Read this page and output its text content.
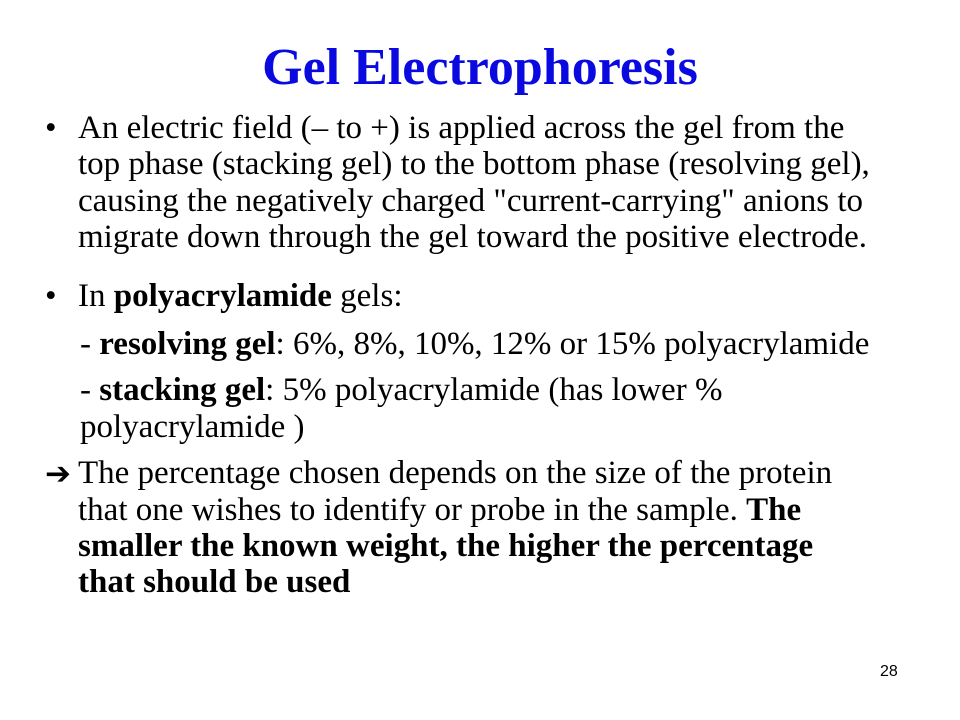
Gel Electrophoresis
• An electric field (– to +) is applied across the gel from the top phase (stacking gel) to the bottom phase (resolving gel), causing the negatively charged "current-carrying" anions to migrate down through the gel toward the positive electrode.
• In polyacrylamide gels:
- resolving gel: 6%, 8%, 10%, 12% or 15% polyacrylamide
- stacking gel: 5% polyacrylamide (has lower % polyacrylamide )
➔ The percentage chosen depends on the size of the protein that one wishes to identify or probe in the sample. The smaller the known weight, the higher the percentage that should be used
28
